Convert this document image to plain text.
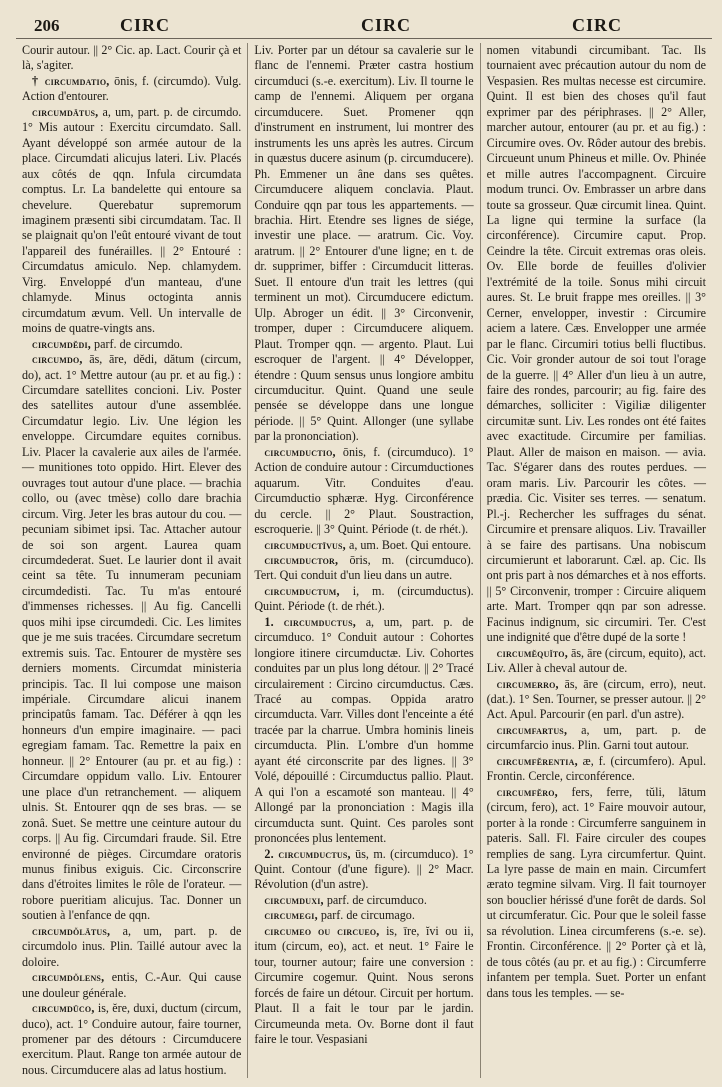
206	CIRC	CIRC	CIRC

Courir autour. || 2° Cic. ap. Lact. Courir çà et là, s'agiter.

† circumdatio, ōnis, f. (circumdo). Vulg. Action d'entourer.

circumdātus, a, um, part. p. de circumdo. 1° Mis autour : Exercitu circumdato. Sall. Ayant développé son armée autour de la place. Circumdati alicujus lateri. Liv. Placés aux côtés de qqn. Infula circumdata comptus. Lr. La bandelette qui entoure sa chevelure. Querebatur supremorum imaginem præsenti sibi circumdatam. Tac. Il se plaignait qu'on l'eût entouré vivant de tout l'appareil des funérailles. || 2° Entouré : Circumdatus amiculo. Nep. chlamydem. Virg. Enveloppé d'un manteau, d'une chlamyde. Minus octoginta annis circumdatum ævum. Vell. Un intervalle de moins de quatre-vingts ans.

circumdĕdi, parf. de circumdo.

circumdo, ās, āre, dĕdi, dătum (circum, do), act. 1° Mettre autour (au pr. et au fig.) : Circumdare satellites concioni. Liv. Poster des satellites autour d'une assemblée. Circumdatur legio. Liv. Une légion les enveloppe. Circumdare equites cornibus. Liv. Placer la cavalerie aux ailes de l'armée. — munitiones toto oppido. Hirt. Elever des ouvrages tout autour d'une place. — brachia collo, ou (avec tmèse) collo dare brachia circum. Virg. Jeter les bras autour du cou. — pecuniam sibimet ipsi. Tac. Attacher autour de soi son argent. Laurea quam circumdederat. Suet. Le laurier dont il avait ceint sa tête. Tu innumeram pecuniam circumdedisti. Tac. Tu m'as entouré d'immenses richesses. || Au fig. Cancelli quos mihi ipse circumdedi. Cic. Les limites que je me suis tracées. Circumdare secretum extremis suis. Tac. Entourer de mystère ses derniers moments. Circumdat ministeria principis. Tac. Il lui compose une maison impériale. Circumdare alicui inanem principatûs famam. Tac. Déférer à qqn les honneurs d'un empire imaginaire. — paci egregiam famam. Tac. Remettre la paix en honneur. || 2° Entourer (au pr. et au fig.) : Circumdare oppidum vallo. Liv. Entourer une place d'un retranchement. — aliquem ulnis. St. Entourer qqn de ses bras. — se zonâ. Suet. Se mettre une ceinture autour du corps. || Au fig. Circumdari fraude. Sil. Etre environné de pièges. Circumdare oratoris munus finibus exiguis. Cic. Circonscrire dans d'étroites limites le rôle de l'orateur. — robore pueritiam alicujus. Tac. Donner un soutien à l'enfance de qqn.

circumdŏlātus, a, um, part. p. de circumdolo inus. Plin. Taillé autour avec la doloire.

circumdŏlens, entis, C.-Aur. Qui cause une douleur générale.

circumdūco, is, ĕre, duxi, ductum (circum, duco), act. 1° Conduire autour, faire tourner, promener par des détours : Circumducere exercitum. Plaut. Range ton armée autour de nous. Circumducere alas ad latus hostium.

Liv. Porter par un détour sa cavalerie sur le flanc de l'ennemi. Præter castra hostium circumduci (s.-e. exercitum). Liv. Il tourne le camp de l'ennemi. Aliquem per organa circumducere. Suet. Promener qqn d'instrument en instrument, lui montrer des instruments les uns après les autres. Circum in quæstus ducere asinum (p. circumducere). Ph. Emmener un âne dans ses quêtes. Circumducere aliquem conclavia. Plaut. Conduire qqn par tous les appartements. — brachia. Hirt. Etendre ses lignes de siége, investir une place. — aratrum. Cic. Voy. aratrum. || 2° Entourer d'une ligne; en t. de dr. supprimer, biffer : Circumducit litteras. Suet. Il entoure d'un trait les lettres (qui terminent un mot). Circumducere edictum. Ulp. Abroger un édit. || 3° Circonvenir, tromper, duper : Circumducere aliquem. Plaut. Tromper qqn. — argento. Plaut. Lui escroquer de l'argent. || 4° Développer, étendre : Quum sensus unus longiore ambitu circumducitur. Quint. Quand une seule pensée se développe dans une longue période. || 5° Quint. Allonger (une syllabe par la prononciation).

circumductio, ōnis, f. (circumduco). 1° Action de conduire autour : Circumductiones aquarum. Vitr. Conduites d'eau. Circumductio sphæræ. Hyg. Circonférence du cercle. || 2° Plaut. Soustraction, escroquerie. || 3° Quint. Période (t. de rhét.).

circumductīvus, a, um. Boet. Qui entoure.

circumductor, ōris, m. (circumduco). Tert. Qui conduit d'un lieu dans un autre.

circumductum, i, m. (circumductus). Quint. Période (t. de rhét.).

1. circumductus, a, um, part. p. de circumduco. 1° Conduit autour : Cohortes longiore itinere circumductæ. Liv. Cohortes conduites par un plus long détour. || 2° Tracé circulairement : Circino circumductus. Cæs. Tracé au compas. Oppida aratro circumducta. Varr. Villes dont l'enceinte a été tracée par la charrue. Umbra hominis lineis circumducta. Plin. L'ombre d'un homme ayant été circonscrite par des lignes. || 3° Volé, dépouillé : Circumductus pallio. Plaut. A qui l'on a escamoté son manteau. || 4° Allongé par la prononciation : Magis illa circumducta sunt. Quint. Ces paroles sont prononcées plus lentement.

2. circumductus, ūs, m. (circumduco). 1° Quint. Contour (d'une figure). || 2° Macr. Révolution (d'un astre).

circumduxi, parf. de circumduco.

circumegi, parf. de circumago.

circumeo ou circueo, is, īre, ĭvi ou ii, itum (circum, eo), act. et neut. 1° Faire le tour, tourner autour; faire une conversion : Circumire cogemur. Quint. Nous serons forcés de faire un détour. Circuit per hortum. Plaut. Il a fait le tour par le jardin. Circumeunda meta. Ov. Borne dont il faut faire le tour. Vespasiani

nomen vitabundi circumibant. Tac. Ils tournaient avec précaution autour du nom de Vespasien. Res multas necesse est circumire. Quint. Il est bien des choses qu'il faut exprimer par des périphrases. || 2° Aller, marcher autour, entourer (au pr. et au fig.) : Circumire oves. Ov. Rôder autour des brebis. Circueunt unum Phineus et mille. Ov. Phinée et mille autres l'accompagnent. Circuire modum trunci. Ov. Embrasser un arbre dans toute sa grosseur. Quæ circumit linea. Quint. La ligne qui termine la surface (la circonférence). Circumire caput. Prop. Ceindre la tête. Circuit extremas oras oleis. Ov. Elle borde de feuilles d'olivier l'extrémité de la toile. Sonus mihi circuit aures. St. Le bruit frappe mes oreilles. || 3° Cerner, envelopper, investir : Circumire aciem a latere. Cæs. Envelopper une armée par le flanc. Circumiri totius belli fluctibus. Cic. Voir gronder autour de soi tout l'orage de la guerre. || 4° Aller d'un lieu à un autre, faire des rondes, parcourir; au fig. faire des démarches, solliciter : Vigiliæ diligenter circumitæ sunt. Liv. Les rondes ont été faites avec exactitude. Circumire per familias. Plaut. Aller de maison en maison. — avia. Tac. S'égarer dans des routes perdues. — oram maris. Liv. Parcourir les côtes. — prædia. Cic. Visiter ses terres. — senatum. Pl.-j. Rechercher les suffrages du sénat. Circumire et prensare aliquos. Liv. Travailler à se faire des partisans. Una nobiscum circumierunt et laborarunt. Cæl. ap. Cic. Ils ont pris part à nos démarches et à nos efforts. || 5° Circonvenir, tromper : Circuire aliquem arte. Mart. Tromper qqn par son adresse. Facinus indignum, sic circumiri. Ter. C'est une indignité que d'être dupé de la sorte !

circumĕquĭto, ās, āre (circum, equito), act. Liv. Aller à cheval autour de.

circumerro, ās, āre (circum, erro), neut. (dat.). 1° Sen. Tourner, se presser autour. || 2° Act. Apul. Parcourir (en parl. d'un astre).

circumfartus, a, um, part. p. de circumfarcio inus. Plin. Garni tout autour.

circumfĕrentia, æ, f. (circumfero). Apul. Frontin. Cercle, circonférence.

circumfĕro, fers, ferre, tŭli, lātum (circum, fero), act. 1° Faire mouvoir autour, porter à la ronde : Circumferre sanguinem in pateris. Sall. Fl. Faire circuler des coupes remplies de sang. Lyra circumfertur. Quint. La lyre passe de main en main. Circumfert ærato tegmine silvam. Virg. Il fait tournoyer son bouclier hérissé d'une forêt de dards. Sol ut circumferatur. Cic. Pour que le soleil fasse sa révolution. Linea circumferens (s.-e. se). Frontin. Circonférence. || 2° Porter çà et là, de tous côtés (au pr. et au fig.) : Circumferre infantem per templa. Suet. Porter un enfant dans tous les temples. — se-
